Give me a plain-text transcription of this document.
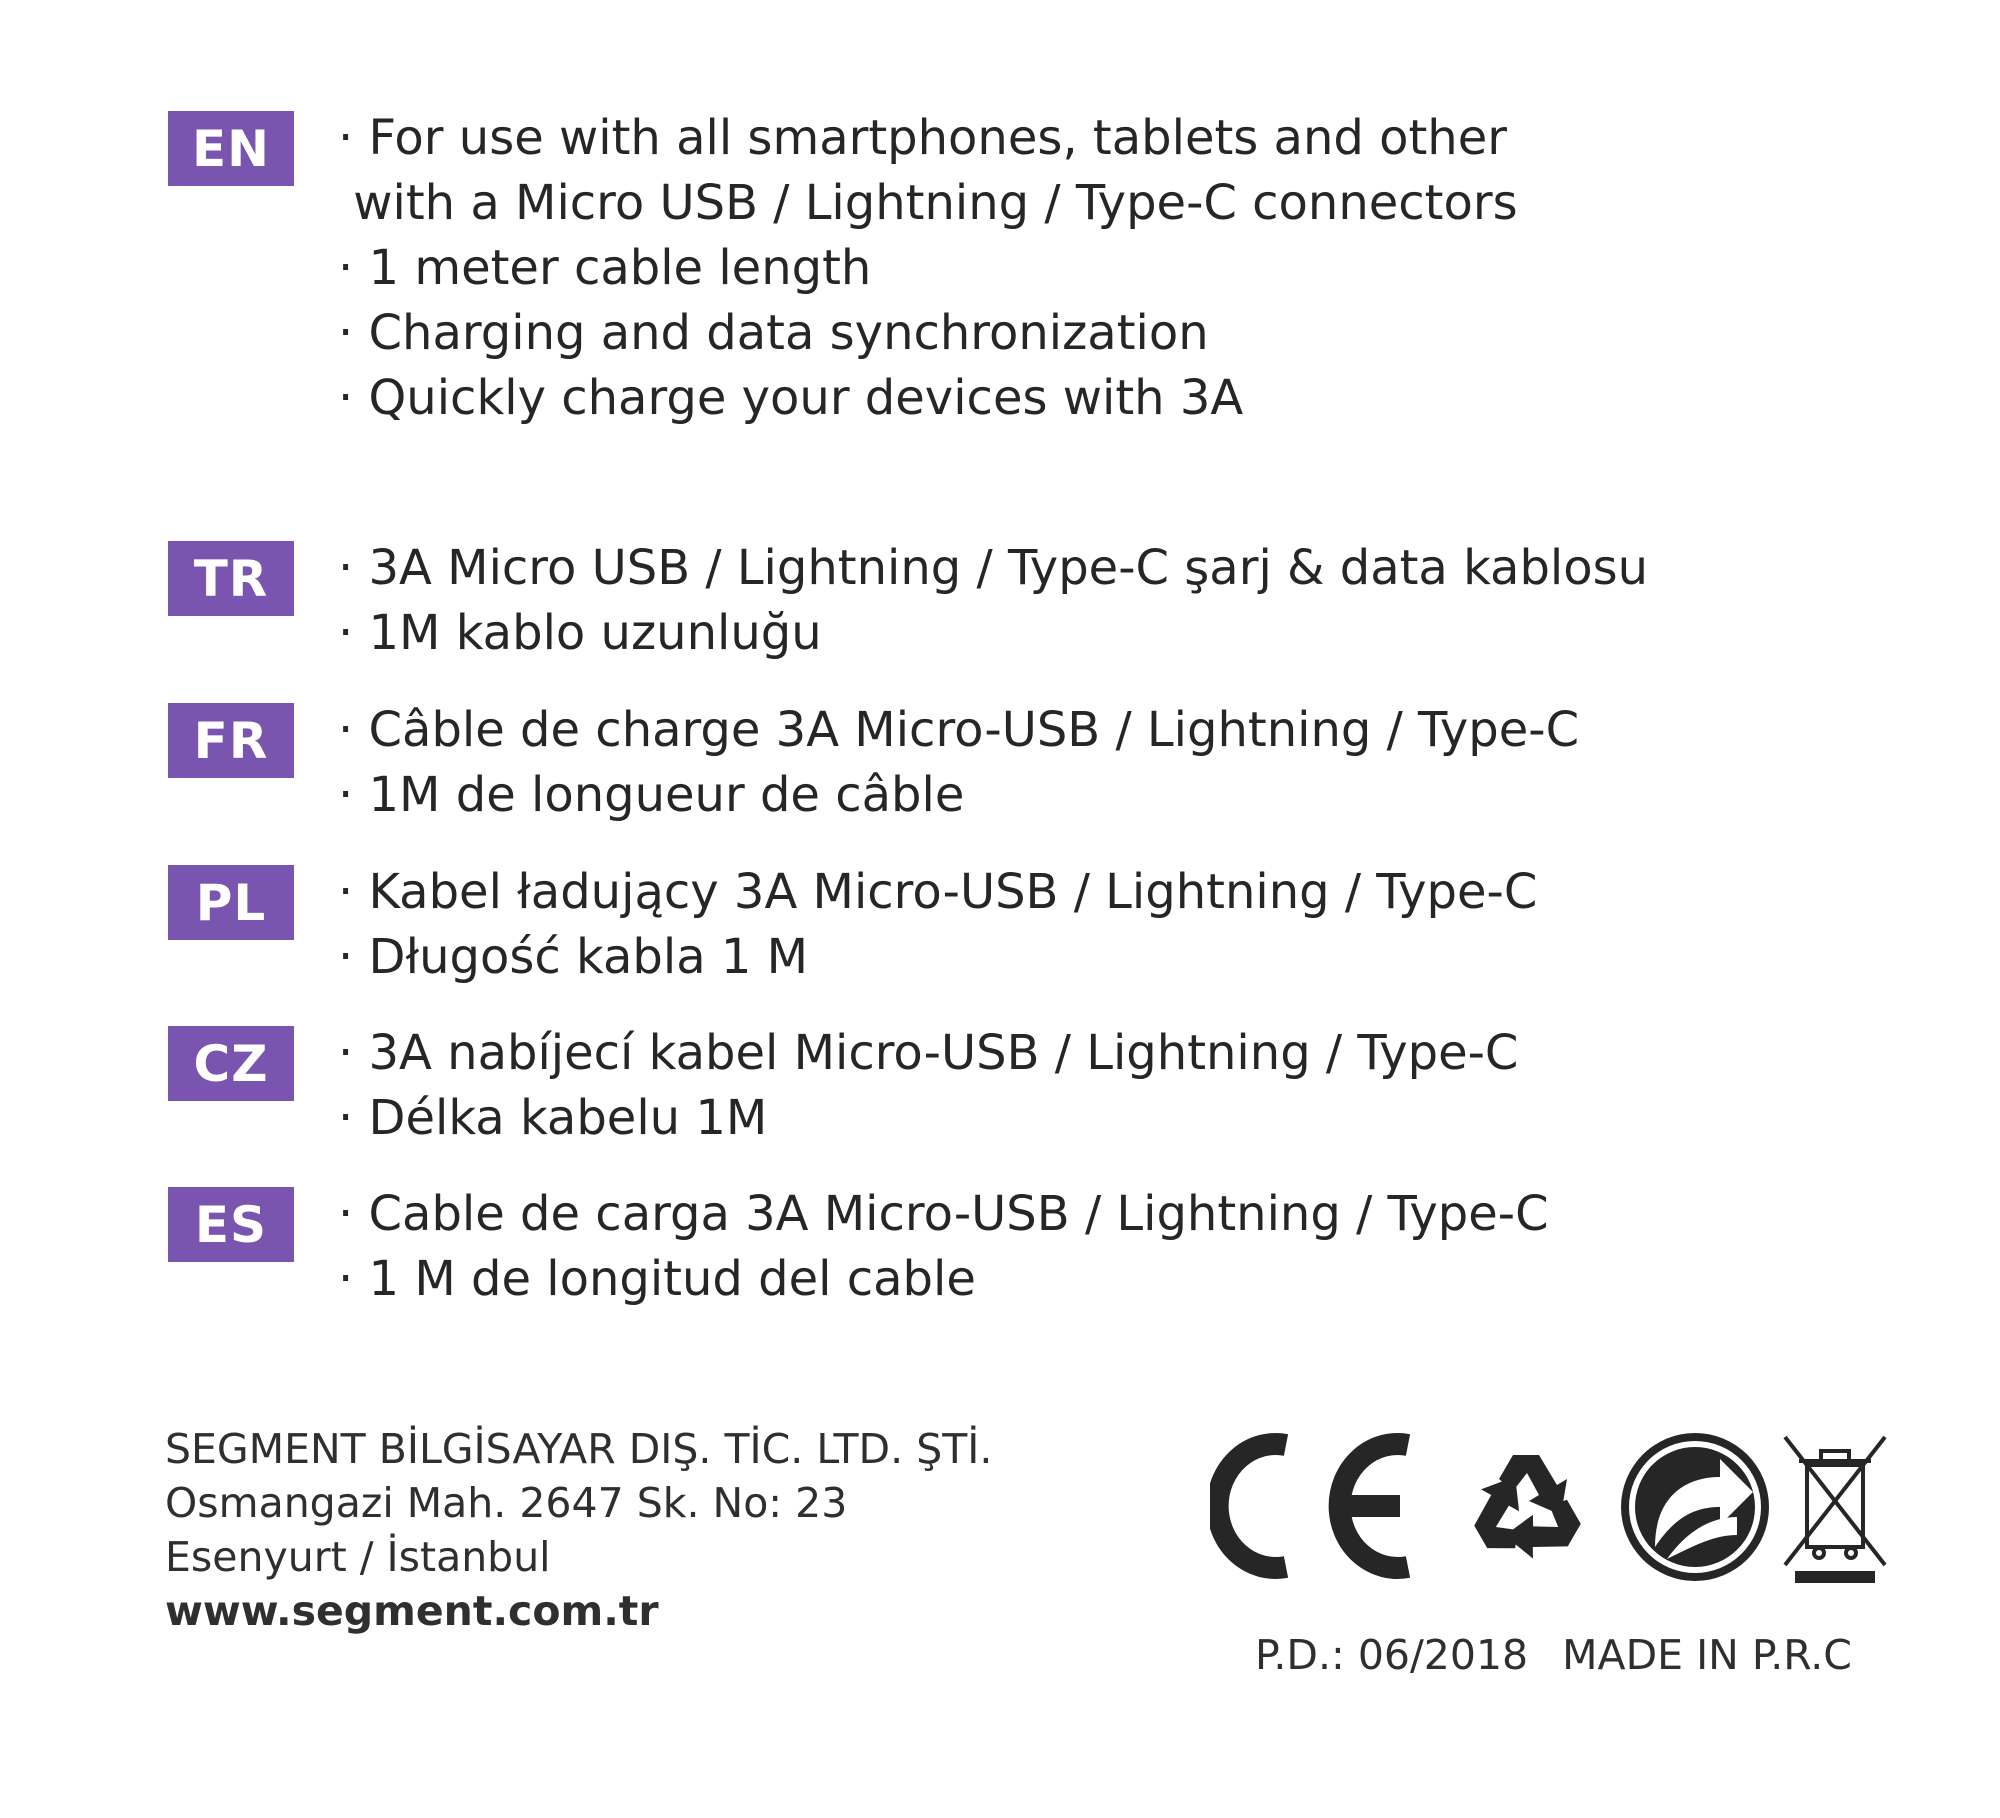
EN	· For use with all smartphones, tablets and other
with a Micro USB / Lightning / Type-C connectors
· 1 meter cable length
· Charging and data synchronization
· Quickly charge your devices with 3A
TR	· 3A Micro USB / Lightning / Type-C şarj & data kablosu
· 1M kablo uzunluğu
FR	· Câble de charge 3A Micro-USB / Lightning / Type-C
· 1M de longueur de câble
PL	· Kabel ładujący 3A Micro-USB / Lightning / Type-C
· Długość kabla 1 M
CZ	· 3A nabíjecí kabel Micro-USB / Lightning / Type-C
· Délka kabelu 1M
ES	· Cable de carga 3A Micro-USB / Lightning / Type-C
· 1 M de longitud del cable
SEGMENT BİLGİSAYAR DIŞ. TİC. LTD. ŞTİ.
Osmangazi Mah. 2647 Sk. No: 23
Esenyurt / İstanbul
www.segment.com.tr
P.D.: 06/2018 MADE IN P.R.C
